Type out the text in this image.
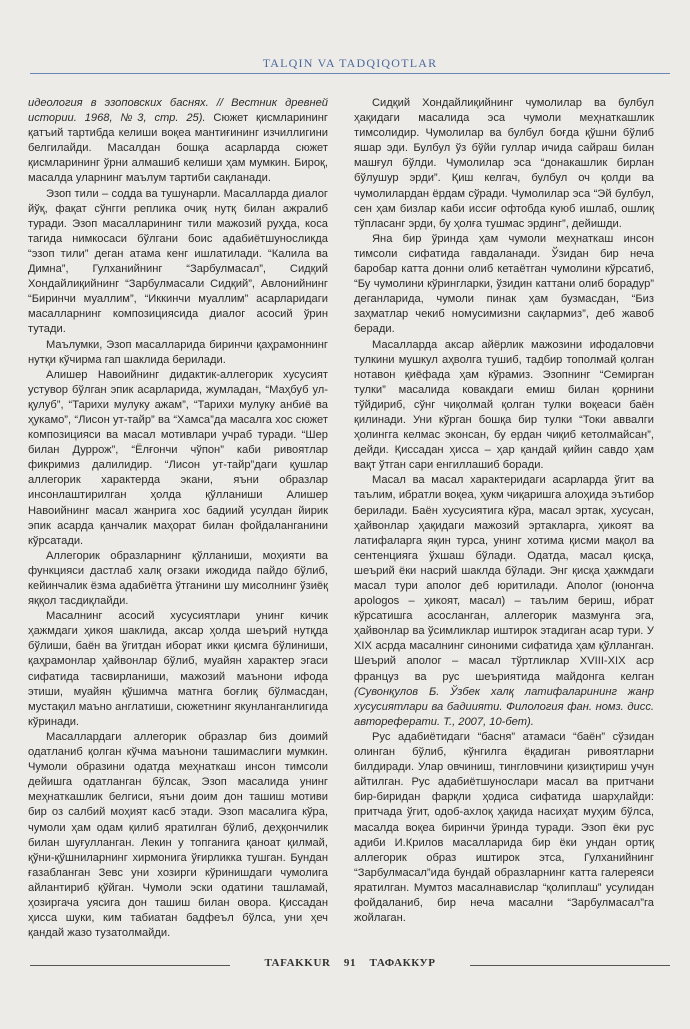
TALQIN VA TADQIQOTLAR

идеология в эзоповских баснях. // Вестник древней истории. 1968, №3, стр. 25). Сюжет қисмларининг қатъий тартибда келиши воқеа мантиғининг изчиллигини белгилайди. Масалдан бошқа асарларда сюжет қисмларининг ўрни алмашиб келиши ҳам мумкин. Бироқ, масалда уларнинг маълум тартиби сақланади.

Эзоп тили – содда ва тушунарли. Масалларда диалог йўқ, фақат сўнгги реплика очиқ нутқ билан ажралиб туради. Эзоп масалларининг тили мажозий руҳда, коса тагида нимкосаси бўлгани боис адабиётшуносликда “эзоп тили” деган атама кенг ишлатилади. “Калила ва Димна”, Гулханийнинг “Зарбулмасал”, Сидқий Хондайлиқийнинг “Зарбулмасали Сидқий”, Авлонийнинг “Биринчи муаллим”, “Иккинчи муаллим” асарларидаги масалларнинг композициясида диалог асосий ўрин тутади.

Маълумки, Эзоп масалларида биринчи қаҳрамоннинг нутқи кўчирма гап шаклида берилади.

Алишер Навоийнинг дидактик-аллегорик хусусият устувор бўлган эпик асарларида, жумладан, “Маҳбуб ул-қулуб”, “Тарихи мулуку ажам”, “Тарихи мулуку анбиё ва ҳукамо”, “Лисон ут-тайр” ва “Хамса”да масалга хос сюжет композицияси ва масал мотивлари учраб туради. “Шер билан Дуррож”, “Ёлғончи чўпон” каби ривоятлар фикримиз далилидир. “Лисон ут-тайр”даги қушлар аллегорик характерда экани, яъни образлар инсонлаштирилган ҳолда қўлланиши Алишер Навоийнинг масал жанрига хос бадиий усулдан йирик эпик асарда қанчалик маҳорат билан фойдаланганини кўрсатади.

Аллегорик образларнинг қўлланиши, моҳияти ва функцияси дастлаб халқ оғзаки ижодида пайдо бўлиб, кейинчалик ёзма адабиётга ўтганини шу мисолнинг ўзиёқ яққол тасдиқлайди.

Масалнинг асосий хусусиятлари унинг кичик ҳажмдаги ҳикоя шаклида, аксар ҳолда шеърий нутқда бўлиши, баён ва ўгитдан иборат икки қисмга бўлиниши, қаҳрамонлар ҳайвонлар бўлиб, муайян характер эгаси сифатида тасвирланиши, мажозий маънони ифода этиши, муайян қўшимча матнга боғлиқ бўлмасдан, мустақил маъно англатиши, сюжетнинг якунланганлигида кўринади.

Масаллардаги аллегорик образлар биз доимий одатланиб қолган кўчма маънони ташимаслиги мумкин. Чумоли образини одатда меҳнаткаш инсон тимсоли дейишга одатланган бўлсак, Эзоп масалида унинг меҳнаткашлик белгиси, яъни доим дон ташиш мотиви бир оз салбий моҳият касб этади. Эзоп масалига кўра, чумоли ҳам одам қилиб яратилган бўлиб, деҳқончилик билан шуғулланган. Лекин у топганига қаноат қилмай, қўни-қўшниларнинг хирмонига ўғирликка тушган. Бундан ғазабланган Зевс уни хозирги кўринишдаги чумолига айлантириб қўйган. Чумоли эски одатини ташламай, ҳозиргача уясига дон ташиш билан овора. Қиссадан ҳисса шуки, ким табиатан бадфеъл бўлса, уни ҳеч қандай жазо тузатолмайди.

Сидқий Хондайлиқийнинг чумолилар ва булбул ҳақидаги масалида эса чумоли меҳнаткашлик тимсолидир. Чумолилар ва булбул боғда қўшни бўлиб яшар эди. Булбул ўз бўйи гуллар ичида сайраш билан машғул бўлди. Чумолилар эса “донакашлик бирлан бўлушур эрди”. Қиш келгач, булбул оч қолди ва чумолилардан ёрдам сўради. Чумолилар эса “Эй булбул, сен ҳам бизлар каби иссиғ офтобда куюб ишлаб, ошлиқ тўпласанг эрди, бу ҳолға тушмас эрдинг”, дейишди.

Яна бир ўринда ҳам чумоли меҳнаткаш инсон тимсоли сифатида гавдаланади. Ўзидан бир неча баробар катта донни олиб кетаётган чумолини кўрсатиб, “Бу чумолини кўрингларки, ўзидин каттани олиб борадур” деганларида, чумоли пинак ҳам бузмасдан, “Биз заҳматлар чекиб номусимизни сақлармиз”, деб жавоб беради.

Масалларда аксар айёрлик мажозини ифодаловчи тулкини мушкул аҳволга тушиб, тадбир тополмай қолган нотавон қиёфада ҳам кўрамиз. Эзопнинг “Семирган тулки” масалида ковакдаги емиш билан қорнини тўйдириб, сўнг чиқолмай қолган тулки воқеаси баён қилинади. Уни кўрган бошқа бир тулки “Токи аввалги ҳолингга келмас эконсан, бу ердан чиқиб кетолмайсан”, дейди. Қиссадан ҳисса – ҳар қандай қийин савдо ҳам вақт ўтган сари енгиллашиб боради.

Масал ва масал характеридаги асарларда ўгит ва таълим, ибратли воқеа, ҳукм чиқаришга алоҳида эътибор берилади. Баён хусусиятига кўра, масал эртак, хусусан, ҳайвонлар ҳақидаги мажозий эртакларга, ҳикоят ва латифаларга яқин турса, унинг хотима қисми мақол ва сентенцияга ўхшаш бўлади. Одатда, масал қисқа, шеърий ёки насрий шаклда бўлади. Энг қисқа ҳажмдаги масал тури аполог деб юритилади. Аполог (юнонча apologos – ҳикоят, масал) – таълим бериш, ибрат кўрсатишга асосланган, аллегорик мазмунга эга, ҳайвонлар ва ўсимликлар иштирок этадиган асар тури. У XIX асрда масалнинг синоними сифатида ҳам қўлланган. Шеърий аполог – масал тўртликлар XVIII-XIX аср француз ва рус шеъриятида майдонга келган (Сувонқулов Б. Ўзбек халқ латифаларининг жанр хусусиятлари ва бадиияти. Филология фан. номз. дисс. автореферати. Т., 2007, 10-бет).

Рус адабиётидаги “басня” атамаси “баён” сўзидан олинган бўлиб, кўнгилга ёқадиган ривоятларни билдиради. Улар овчиниш, тингловчини қизиқтириш учун айтилган. Рус адабиётшунослари масал ва притчани бир-биридан фарқли ҳодиса сифатида шарҳлайди: притчада ўгит, одоб-ахлоқ ҳақида насиҳат муҳим бўлса, масалда воқеа биринчи ўринда туради. Эзоп ёки рус адиби И.Крилов масалларида бир ёки ундан ортиқ аллегорик образ иштирок этса, Гулханийнинг “Зарбулмасал”ида бундай образларнинг катта галереяси яратилган. Мумтоз масалнавислар “қолиплаш” усулидан фойдаланиб, бир неча масални “Зарбулмасал”га жойлаган.

TAFAKKUR 91 ТАФАККУР
